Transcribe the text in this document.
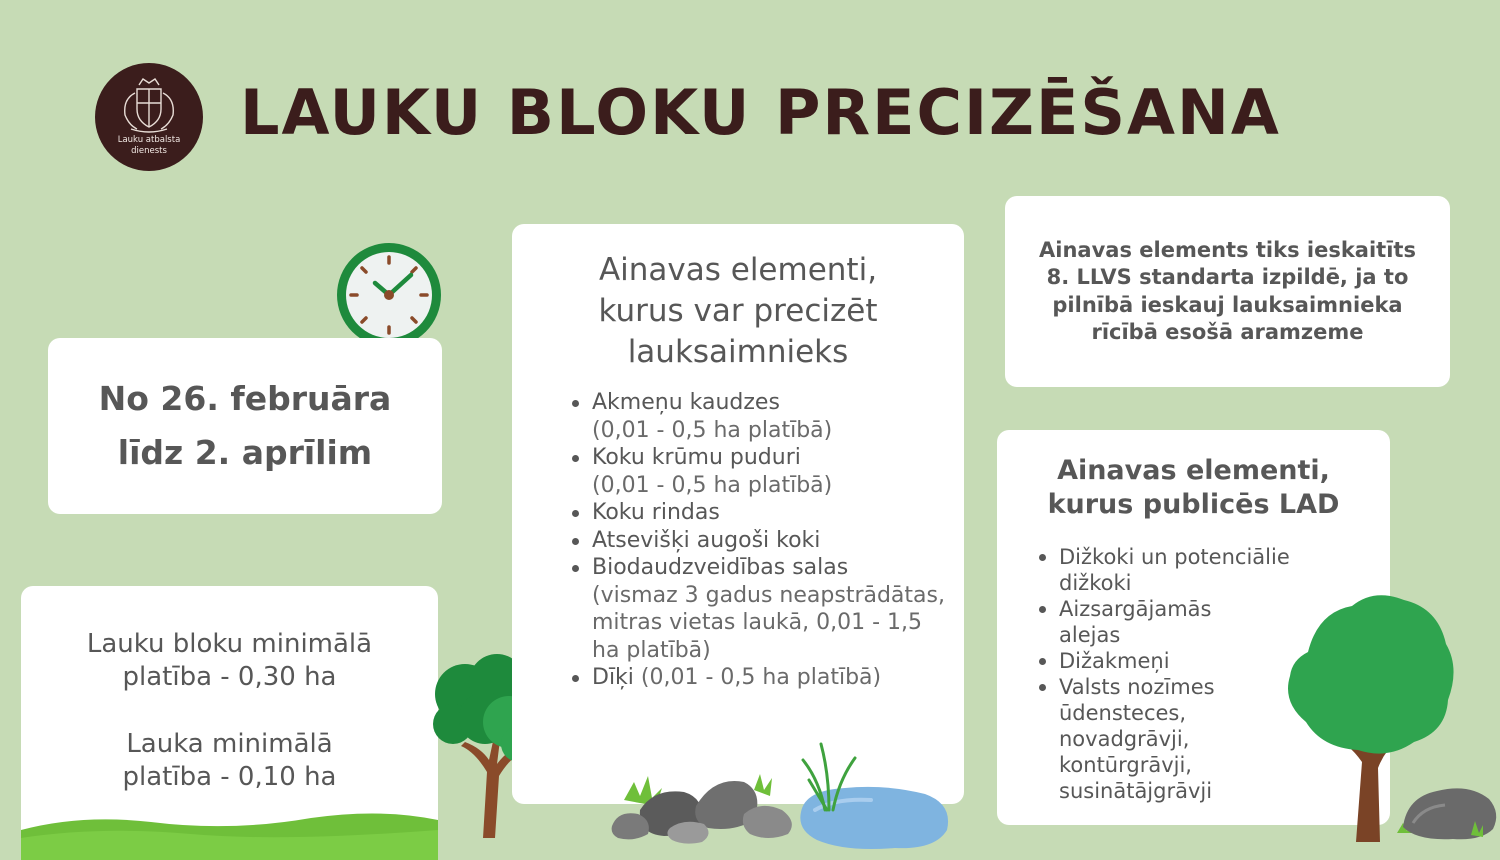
Lauku atbalsta dienests
LAUKU BLOKU PRECIZĒŠANA
No 26. februāra
līdz 2. aprīlim
Lauku bloku minimālā
platība - 0,30 ha
Lauka minimālā
platība - 0,10 ha
Ainavas elementi,
kurus var precizēt
lauksaimnieks
Akmeņu kaudzes
(0,01 - 0,5 ha platībā)
Koku krūmu puduri
(0,01 - 0,5 ha platībā)
Koku rindas
Atsevišķi augoši koki
Biodaudzveidības salas
(vismaz 3 gadus neapstrādātas, mitras vietas laukā, 0,01 - 1,5 ha platībā)
Dīķi (0,01 - 0,5 ha platībā)
Ainavas elements tiks ieskaitīts 8. LLVS standarta izpildē, ja to pilnībā ieskauj lauksaimnieka rīcībā esošā aramzeme
Ainavas elementi,
kurus publicēs LAD
Dižkoki un potenciālie dižkoki
Aizsargājamās alejas
Dižakmeņi
Valsts nozīmes ūdensteces, novadgrāvji, kontūrgrāvji, susinātājgrāvji
